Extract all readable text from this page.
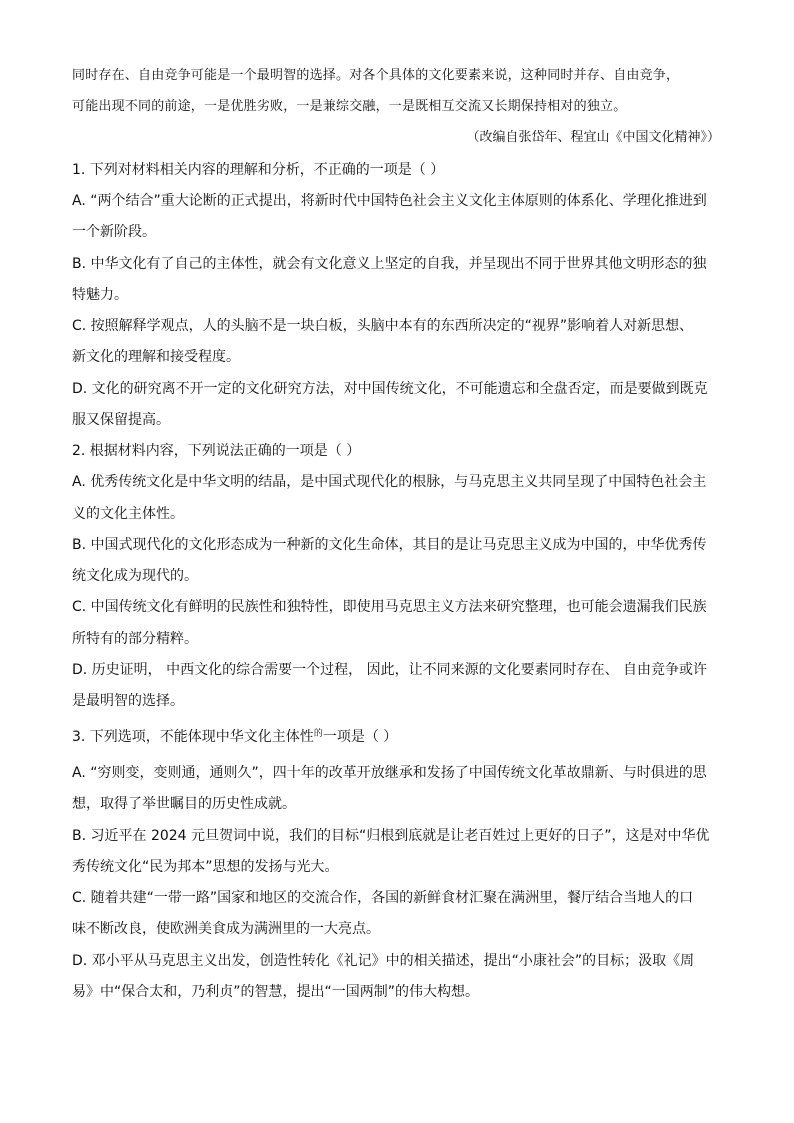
同时存在、自由竞争可能是一个最明智的选择。对各个具体的文化要素来说，这种同时并存、自由竞争，
可能出现不同的前途，一是优胜劣败，一是兼综交融，一是既相互交流又长期保持相对的独立。
（改编自张岱年、程宜山《中国文化精神》）
1. 下列对材料相关内容的理解和分析，不正确的一项是（ ）
A. “两个结合”重大论断的正式提出，将新时代中国特色社会主义文化主体原则的体系化、学理化推进到
一个新阶段。
B. 中华文化有了自己的主体性，就会有文化意义上坚定的自我，并呈现出不同于世界其他文明形态的独
特魅力。
C. 按照解释学观点，人的头脑不是一块白板，头脑中本有的东西所决定的“视界”影响着人对新思想、
新文化的理解和接受程度。
D. 文化的研究离不开一定的文化研究方法，对中国传统文化，不可能遗忘和全盘否定，而是要做到既克
服又保留提高。
2. 根据材料内容，下列说法正确的一项是（ ）
A. 优秀传统文化是中华文明的结晶，是中国式现代化的根脉，与马克思主义共同呈现了中国特色社会主
义的文化主体性。
B. 中国式现代化的文化形态成为一种新的文化生命体，其目的是让马克思主义成为中国的，中华优秀传
统文化成为现代的。
C. 中国传统文化有鲜明的民族性和独特性，即使用马克思主义方法来研究整理，也可能会遗漏我们民族
所特有的部分精粹。
D. 历史证明， 中西文化的综合需要一个过程， 因此，让不同来源的文化要素同时存在、 自由竞争或许
是最明智的选择。
3. 下列选项，不能体现中华文化主体性$^的$一项是（ ）
A. “穷则变，变则通，通则久”，四十年的改革开放继承和发扬了中国传统文化革故鼎新、与时俱进的思
想，取得了举世瞩目的历史性成就。
B. 习近平在 2024 元旦贺词中说，我们的目标“归根到底就是让老百姓过上更好的日子”，这是对中华优
秀传统文化“民为邦本”思想的发扬与光大。
C. 随着共建“一带一路”国家和地区的交流合作，各国的新鲜食材汇聚在满洲里，餐厅结合当地人的口
味不断改良，使欧洲美食成为满洲里的一大亮点。
D. 邓小平从马克思主义出发，创造性转化《礼记》中的相关描述，提出“小康社会”的目标；汲取《周
易》中“保合太和，乃利贞”的智慧，提出“一国两制”的伟大构想。
